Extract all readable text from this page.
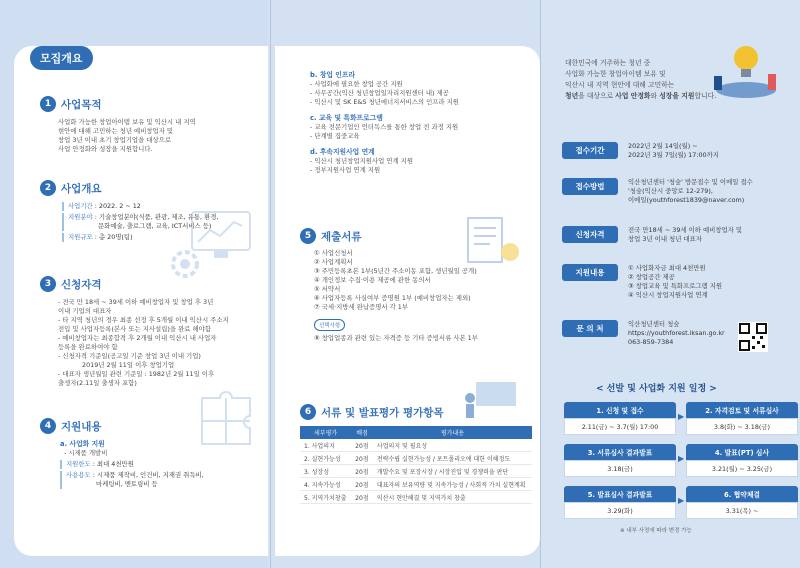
모집개요
1 사업목적
사업화 가능한 창업아이템 보유 및 익산시 내 지역
현안에 대해 고민하는 청년 예비창업자 및
창업 3년 이내 초기 창업기업을 대상으로
사업 안정화와 성장을 지원합니다.
2 사업개요
사업기간 : 2022. 2 ~ 12
지원분야 : 기술창업분야(식품, 관광, 제조, 유통, 환경,
문화예술, 출로그램, 교육, ICT서비스 등)
지원규모 : 총 20명(팀)
3 신청자격
- 전국 만 18세 ~ 39세 이하 예비창업자 및 창업 후 3년
이내 기업의 대표자
- 타 지역 청년의 경우 최종 선정 후 5개월 이내 익산시 주소지
전입 및 사업자등록(본사 또는 지사설립)을 완료 해야함
- 예비창업자는 최종합격 후 2개월 이내 익산시 내 사업자
등록을 완료하여야 함
- 신청자격 기준일(공고일 기준 창업 3년 이내 기업)
2019년 2월 11일 이후 창업기업
- 대표자 생년월일 관련 기준일 : 1982년 2월 11일 이후
출생자(2.11일 출생자 포함)
4 지원내용
a. 사업화 지원
- 시제품 개발비
지원한도 : 최대 4천만원
사용용도 : 시제품 제작비, 인건비, 지재권 취득비,
마케팅비, 멘토링비 등
b. 창업 인프라
- 사업화에 필요한 창업 공간 지원
- 사무공간(익산 청년창업일자리지원센터 내) 제공
- 익산시 및 SK E&S 청년에너지서비스의 인프라 지원
c. 교육 및 특화프로그램
- 교육 전문기업인 언더독스를 통한 창업 전 과정 지원
- 단계별 집중교육
d. 후속지원사업 연계
- 익산시 청년창업지원사업 연계 지원
- 정부지원사업 연계 지원
5 제출서류
① 사업신청서
② 사업계획서
③ 주민등록초본 1부(5년간 주소이동 포함, 생년월일 공개)
④ 개인정보 수집·이용 제공에 관한 동의서
⑤ 서약서
⑥ 사업자등록 사실여부 증명원 1부 (예비창업자는 제외)
⑦ 국세·지방세 완납증명서 각 1부
선택사항
⑧ 창업업종과 관련 있는 자격증 등 기타 증빙서류 사본 1부
6 서류 및 발표평가 평가항목
세부평가	배점	평가내용
1. 사업의지	20점	사업의지 및 필요성
2. 실현가능성	20점	전략수립 실현가능성 / 포트폴리오에 대한 이해정도
3. 성장성	20점	개발수요 및 포장시장 / 시장진입 및 경쟁력을 판단
4. 지속가능성	20점	대표자의 보유역량 및 지속가능성 / 사회적 가치 실현계획
5. 지역가치창출	20점	익산시 현안해결 및 지역가치 창출
대한민국에 거주하는 청년 중
사업화 가능한 창업아이템 보유 및
익산시 내 지역 현안에 대해 고민하는
청년을 대상으로 사업 안정화와 성장을 지원합니다.
접수기간	2022년 2월 14일(월) ~
2022년 3월 7일(월) 17:00까지
접수방법	익산청년센터 '청숲' 방문접수 및 이메일 접수
'청숲(익산시 중앙로 12-279),
이메일(youthforest1839@naver.com)
신청자격	전국 만18세 ~ 39세 이하 예비창업자 및
창업 3년 이내 청년 대표자
지원내용	① 사업화자금 최대 4천만원
② 창업공간 제공
③ 창업교육 및 특화프로그램 지원
④ 익산시 창업지원사업 연계
문 의 처	익산청년센터 청숲
https://youthforest.iksan.go.kr
063-859-7384
< 선발 및 사업화 지원 일정 >
1. 신청 및 접수
2.11(금) ~ 3.7(월) 17:00
▶
2. 자격검토 및 서류심사
3.8(화) ~ 3.18(금)
3. 서류심사 결과발표
3.18(금)
▶
4. 발표(PT) 심사
3.21(월) ~ 3.25(금)
5. 발표심사 결과발표
3.29(화)
▶
6. 협약체결
3.31(목) ~
※ 내부 사정에 따라 변경 가능
